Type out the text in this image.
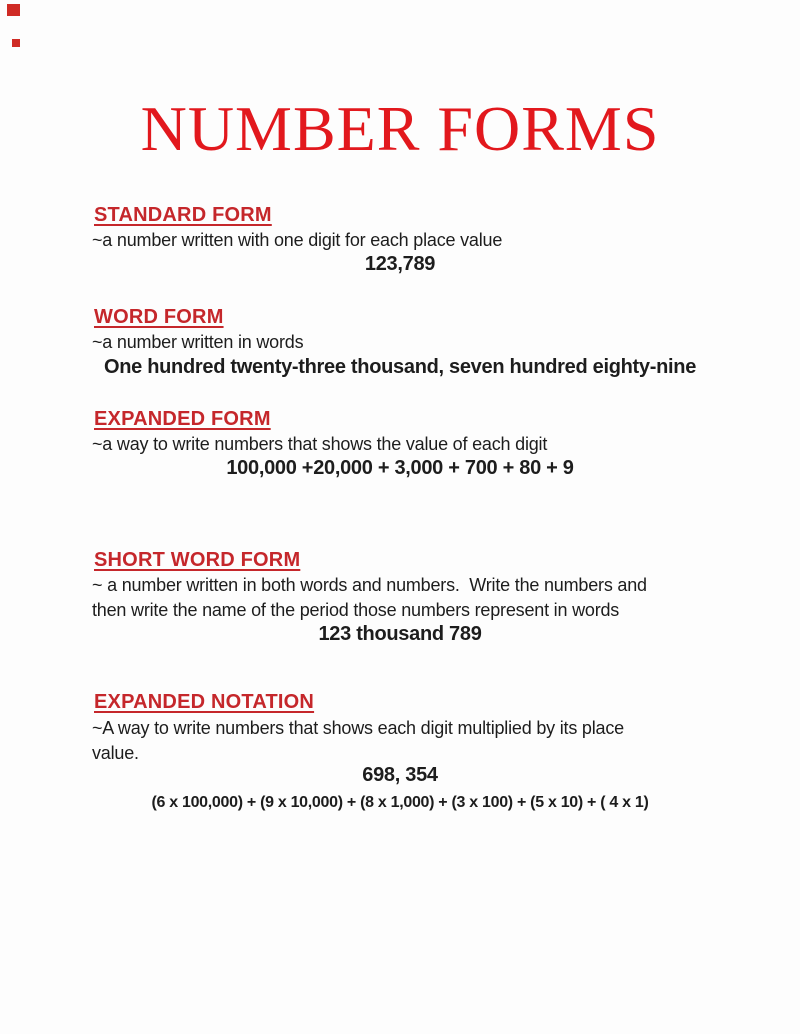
NUMBER FORMS
STANDARD FORM
~a number written with one digit for each place value
123,789
WORD FORM
~a number written in words
One hundred twenty-three thousand, seven hundred eighty-nine
EXPANDED FORM
~a way to write numbers that shows the value of each digit
100,000 +20,000 + 3,000 + 700 + 80 + 9
SHORT WORD FORM
~ a number written in both words and numbers.  Write the numbers and
then write the name of the period those numbers represent in words
123 thousand 789
EXPANDED NOTATION
~A way to write numbers that shows each digit multiplied by its place
value.
698, 354
(6 x 100,000) + (9 x 10,000) + (8 x 1,000) + (3 x 100) + (5 x 10) + ( 4 x 1)
